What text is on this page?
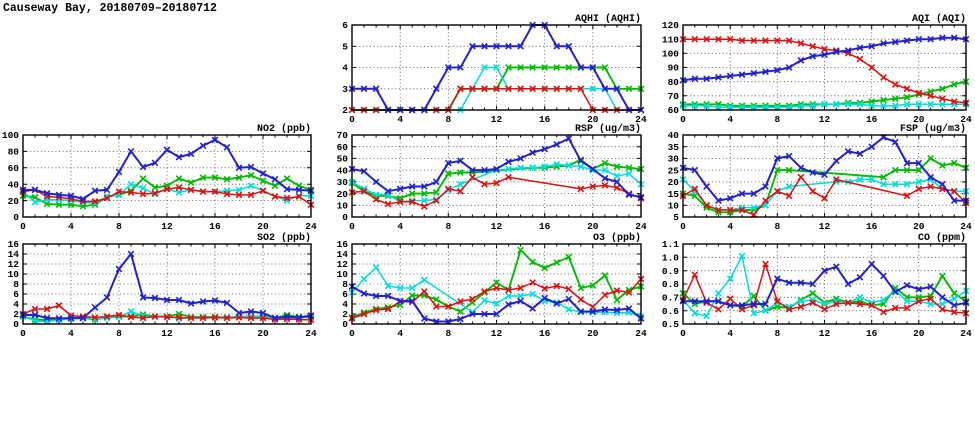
Causeway Bay, 20180709–20180712
2
3
4
5
6
0	4	8	12	16	20	24
AQHI (AQHI)
60
70
80
90
100
110
120
0	4	8	12	16	20	24
AQI (AQI)
0
20
40
60
80
100
0	4	8	12	16	20	24
NO2 (ppb)
0
10
20
30
40
50
60
70
0	4	8	12	16	20	24
RSP (ug/m3)
5
10
15
20
25
30
35
40
0	4	8	12	16	20	24
FSP (ug/m3)
0
2
4
6
8
10
12
14
16
0	4	8	12	16	20	24
SO2 (ppb)
0
2
4
6
8
10
12
14
16
0	4	8	12	16	20	24
O3 (ppb)
0.5
0.6
0.7
0.8
0.9
1.0
1.1
0	4	8	12	16	20	24
CO (ppm)
